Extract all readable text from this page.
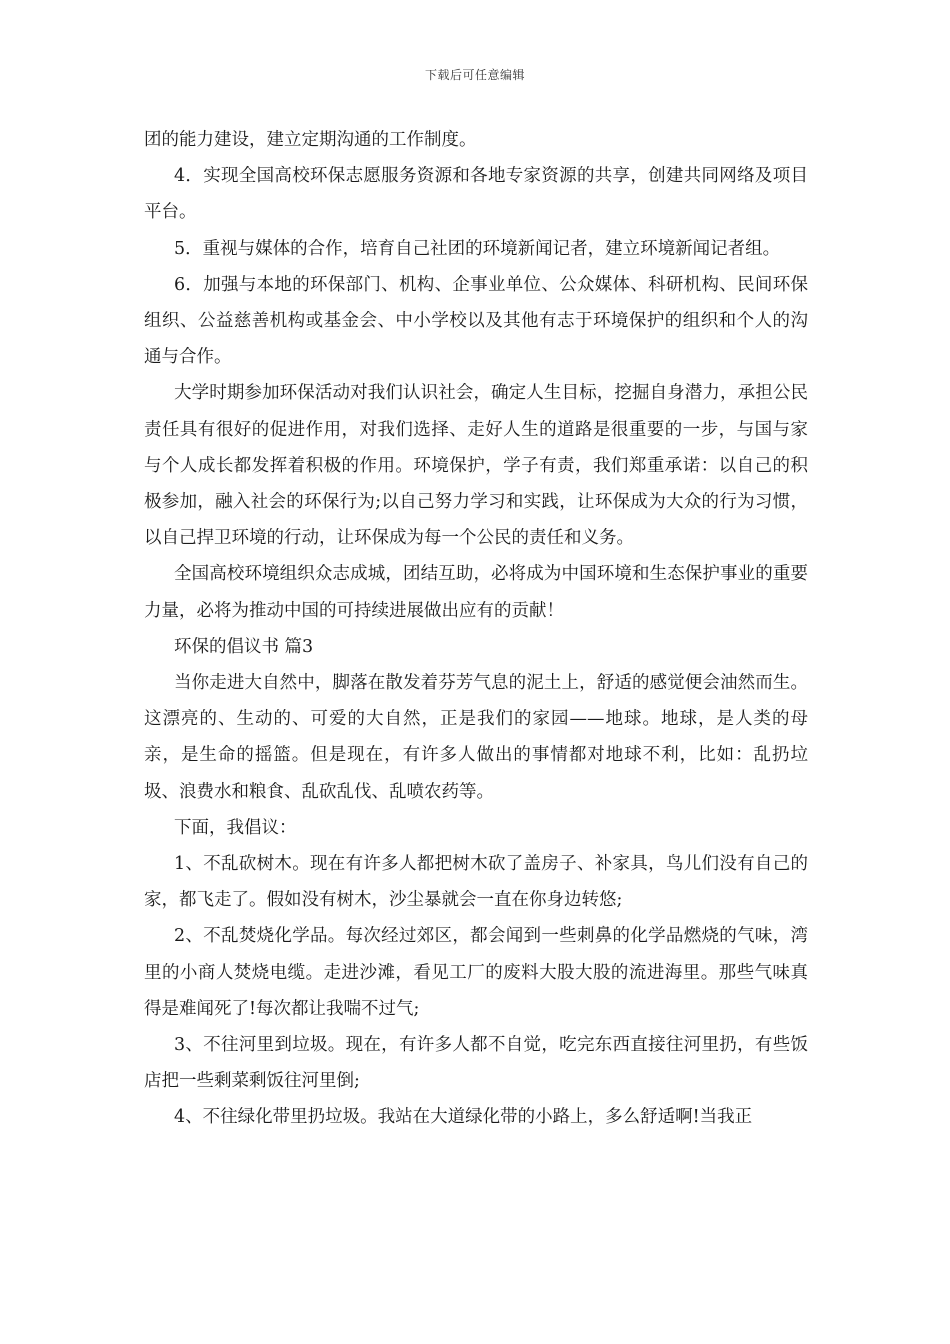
下载后可任意编辑

团的能力建设，建立定期沟通的工作制度。

4．实现全国高校环保志愿服务资源和各地专家资源的共享，创建共同网络及项目平台。

5．重视与媒体的合作，培育自己社团的环境新闻记者，建立环境新闻记者组。

6．加强与本地的环保部门、机构、企事业单位、公众媒体、科研机构、民间环保组织、公益慈善机构或基金会、中小学校以及其他有志于环境保护的组织和个人的沟通与合作。

大学时期参加环保活动对我们认识社会，确定人生目标，挖掘自身潜力，承担公民责任具有很好的促进作用，对我们选择、走好人生的道路是很重要的一步，与国与家与个人成长都发挥着积极的作用。环境保护，学子有责，我们郑重承诺：以自己的积极参加，融入社会的环保行为;以自己努力学习和实践，让环保成为大众的行为习惯，以自己捍卫环境的行动，让环保成为每一个公民的责任和义务。

全国高校环境组织众志成城，团结互助，必将成为中国环境和生态保护事业的重要力量，必将为推动中国的可持续进展做出应有的贡献！

环保的倡议书 篇3

当你走进大自然中，脚落在散发着芬芳气息的泥土上，舒适的感觉便会油然而生。这漂亮的、生动的、可爱的大自然，正是我们的家园——地球。地球，是人类的母亲，是生命的摇篮。但是现在，有许多人做出的事情都对地球不利，比如：乱扔垃圾、浪费水和粮食、乱砍乱伐、乱喷农药等。

下面，我倡议：

1、不乱砍树木。现在有许多人都把树木砍了盖房子、补家具，鸟儿们没有自己的家，都飞走了。假如没有树木，沙尘暴就会一直在你身边转悠;

2、不乱焚烧化学品。每次经过郊区，都会闻到一些刺鼻的化学品燃烧的气味，湾里的小商人焚烧电缆。走进沙滩，看见工厂的废料大股大股的流进海里。那些气味真得是难闻死了!每次都让我喘不过气;

3、不往河里到垃圾。现在，有许多人都不自觉，吃完东西直接往河里扔，有些饭店把一些剩菜剩饭往河里倒;

4、不往绿化带里扔垃圾。我站在大道绿化带的小路上，多么舒适啊!当我正
